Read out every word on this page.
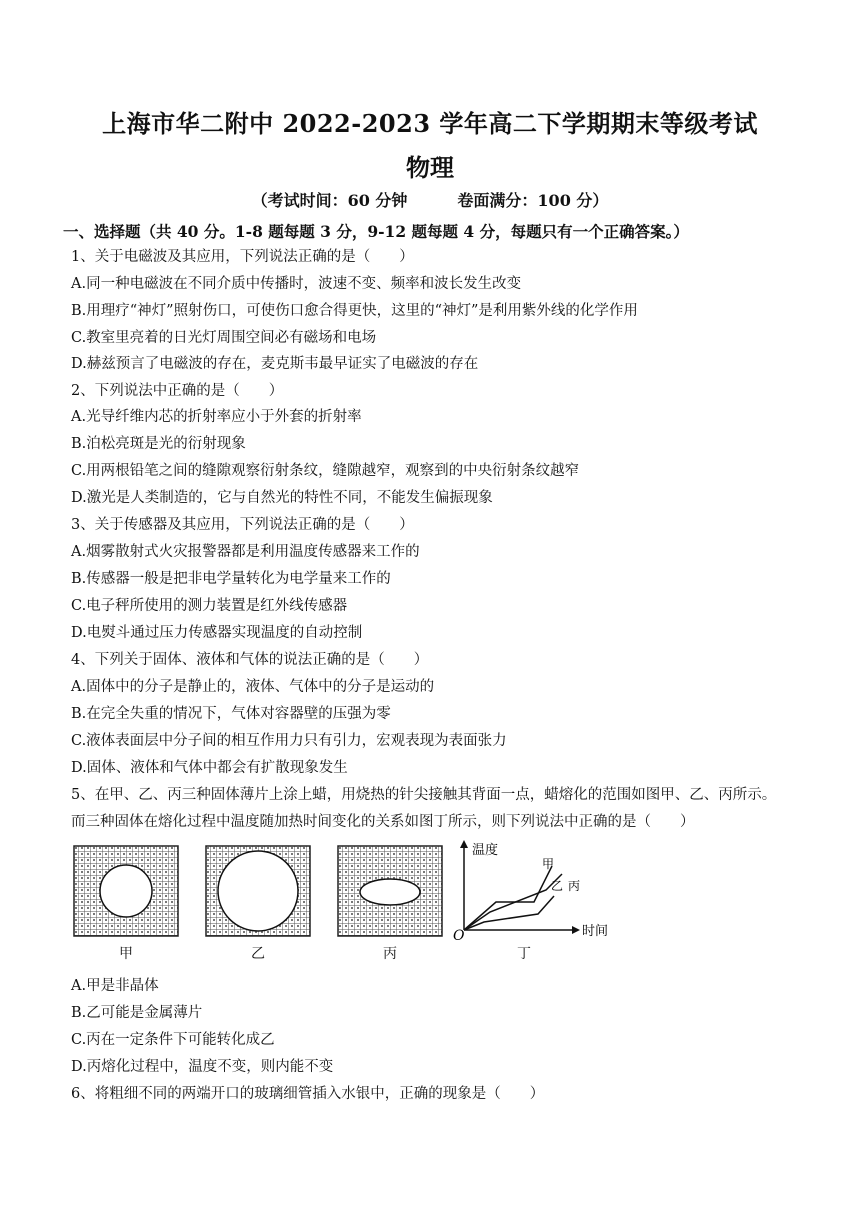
上海市华二附中 2022-2023 学年高二下学期期末等级考试
物理
（考试时间：60 分钟	卷面满分：100 分）
一、选择题（共 40 分。1-8 题每题 3 分，9-12 题每题 4 分，每题只有一个正确答案。）
1、关于电磁波及其应用，下列说法正确的是（　　）
A.同一种电磁波在不同介质中传播时，波速不变、频率和波长发生改变
B.用理疗“神灯”照射伤口，可使伤口愈合得更快，这里的“神灯”是利用紫外线的化学作用
C.教室里亮着的日光灯周围空间必有磁场和电场
D.赫兹预言了电磁波的存在，麦克斯韦最早证实了电磁波的存在
2、下列说法中正确的是（　　）
A.光导纤维内芯的折射率应小于外套的折射率
B.泊松亮斑是光的衍射现象
C.用两根铅笔之间的缝隙观察衍射条纹，缝隙越窄，观察到的中央衍射条纹越窄
D.激光是人类制造的，它与自然光的特性不同，不能发生偏振现象
3、关于传感器及其应用，下列说法正确的是（　　）
A.烟雾散射式火灾报警器都是利用温度传感器来工作的
B.传感器一般是把非电学量转化为电学量来工作的
C.电子秤所使用的测力装置是红外线传感器
D.电熨斗通过压力传感器实现温度的自动控制
4、下列关于固体、液体和气体的说法正确的是（　　）
A.固体中的分子是静止的，液体、气体中的分子是运动的
B.在完全失重的情况下，气体对容器壁的压强为零
C.液体表面层中分子间的相互作用力只有引力，宏观表现为表面张力
D.固体、液体和气体中都会有扩散现象发生
5、在甲、乙、丙三种固体薄片上涂上蜡，用烧热的针尖接触其背面一点，蜡熔化的范围如图甲、乙、丙所示。
而三种固体在熔化过程中温度随加热时间变化的关系如图丁所示，则下列说法中正确的是（　　）
甲	乙	丙
温度
时间
O
甲
乙 丙
丁
A.甲是非晶体
B.乙可能是金属薄片
C.丙在一定条件下可能转化成乙
D.丙熔化过程中，温度不变，则内能不变
6、将粗细不同的两端开口的玻璃细管插入水银中，正确的现象是（　　）
